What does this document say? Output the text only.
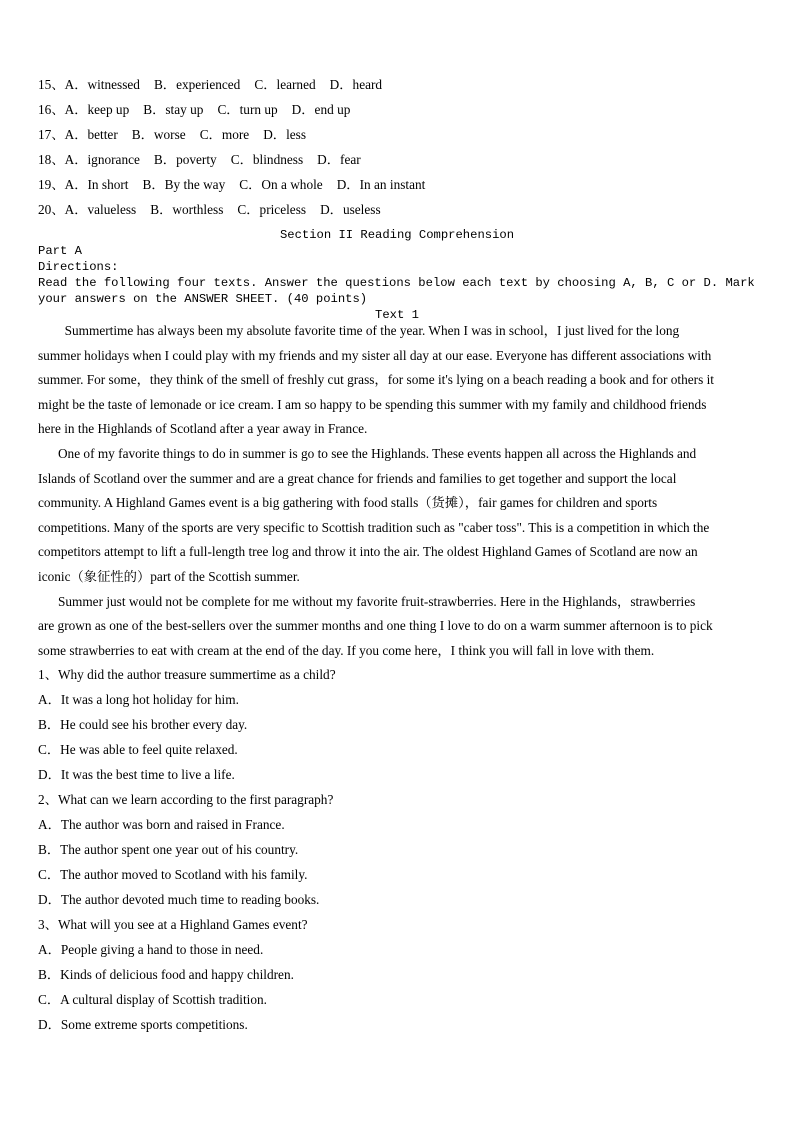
15、A．witnessed B．experienced C．learned D．heard
16、A．keep up B．stay up C．turn up D．end up
17、A．better B．worse C．more D．less
18、A．ignorance B．poverty C．blindness D．fear
19、A．In short B．By the way C．On a whole D．In an instant
20、A．valueless B．worthless C．priceless D．useless
Section II Reading Comprehension
Part A
Directions:
Read the following four texts. Answer the questions below each text by choosing A, B, C or D. Mark
your answers on the ANSWER SHEET. (40 points)
Text 1
Summertime has always been my absolute favorite time of the year. When I was in school，I just lived for the long
summer holidays when I could play with my friends and my sister all day at our ease. Everyone has different associations with
summer. For some，they think of the smell of freshly cut grass，for some it's lying on a beach reading a book and for others it
might be the taste of lemonade or ice cream. I am so happy to be spending this summer with my family and childhood friends
here in the Highlands of Scotland after a year away in France.
One of my favorite things to do in summer is go to see the Highlands. These events happen all across the Highlands and
Islands of Scotland over the summer and are a great chance for friends and families to get together and support the local
community. A Highland Games event is a big gathering with food stalls（货摊），fair games for children and sports
competitions. Many of the sports are very specific to Scottish tradition such as "caber toss". This is a competition in which the
competitors attempt to lift a full-length tree log and throw it into the air. The oldest Highland Games of Scotland are now an
iconic（象征性的）part of the Scottish summer.
Summer just would not be complete for me without my favorite fruit-strawberries. Here in the Highlands，strawberries
are grown as one of the best-sellers over the summer months and one thing I love to do on a warm summer afternoon is to pick
some strawberries to eat with cream at the end of the day. If you come here，I think you will fall in love with them.
1、Why did the author treasure summertime as a child?
A．It was a long hot holiday for him.
B．He could see his brother every day.
C．He was able to feel quite relaxed.
D．It was the best time to live a life.
2、What can we learn according to the first paragraph?
A．The author was born and raised in France.
B．The author spent one year out of his country.
C．The author moved to Scotland with his family.
D．The author devoted much time to reading books.
3、What will you see at a Highland Games event?
A．People giving a hand to those in need.
B．Kinds of delicious food and happy children.
C．A cultural display of Scottish tradition.
D．Some extreme sports competitions.
